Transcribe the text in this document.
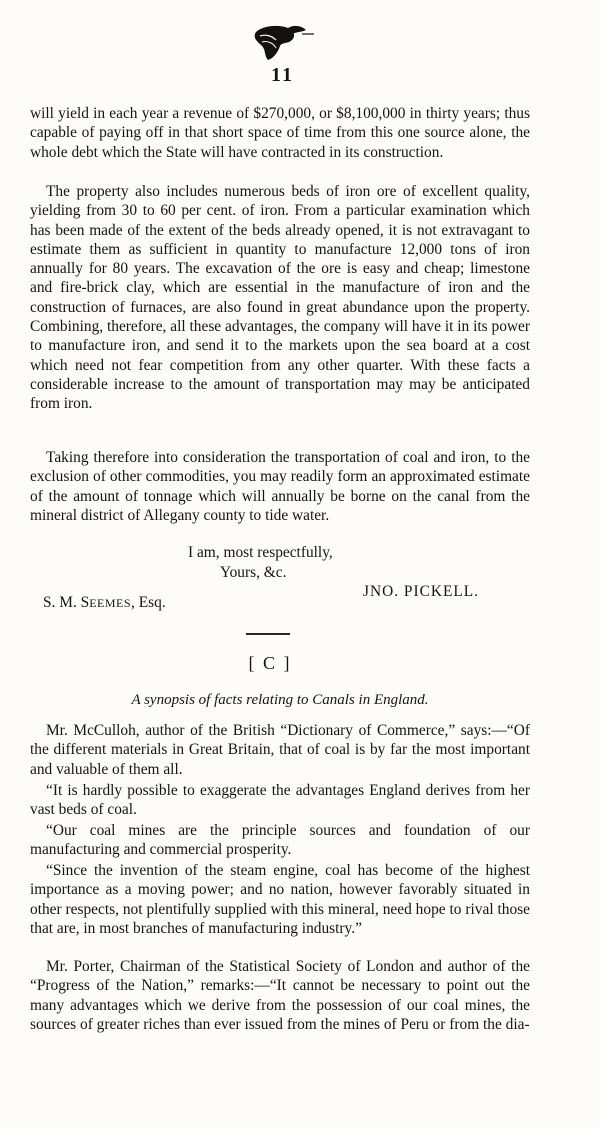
11

will yield in each year a revenue of $270,000, or $8,100,000 in thirty years; thus capable of paying off in that short space of time from this one source alone, the whole debt which the State will have contracted in its construction.

The property also includes numerous beds of iron ore of excellent quality, yielding from 30 to 60 per cent. of iron. From a particular examination which has been made of the extent of the beds already opened, it is not extravagant to estimate them as sufficient in quantity to manufacture 12,000 tons of iron annually for 80 years. The excavation of the ore is easy and cheap; limestone and fire-brick clay, which are essential in the manufacture of iron and the construction of furnaces, are also found in great abundance upon the property. Combining, therefore, all these advantages, the company will have it in its power to manufacture iron, and send it to the markets upon the sea board at a cost which need not fear competition from any other quarter. With these facts a considerable increase to the amount of transportation may may be anticipated from iron.

Taking therefore into consideration the transportation of coal and iron, to the exclusion of other commodities, you may readily form an approximated estimate of the amount of tonnage which will annually be borne on the canal from the mineral district of Allegany county to tide water.

I am, most respectfully,
Yours, &c.
JNO. PICKELL.
S. M. SEEMES, Esq.
[ C ]
A synopsis of facts relating to Canals in England.

Mr. McCulloh, author of the British “Dictionary of Commerce,” says:—“Of the different materials in Great Britain, that of coal is by far the most important and valuable of them all.

“It is hardly possible to exaggerate the advantages England derives from her vast beds of coal.

“Our coal mines are the principle sources and foundation of our manufacturing and commercial prosperity.

“Since the invention of the steam engine, coal has become of the highest importance as a moving power; and no nation, however favorably situated in other respects, not plentifully supplied with this mineral, need hope to rival those that are, in most branches of manufacturing industry.”

Mr. Porter, Chairman of the Statistical Society of London and author of the “Progress of the Nation,” remarks:—“It cannot be necessary to point out the many advantages which we derive from the possession of our coal mines, the sources of greater riches than ever issued from the mines of Peru or from the dia-
